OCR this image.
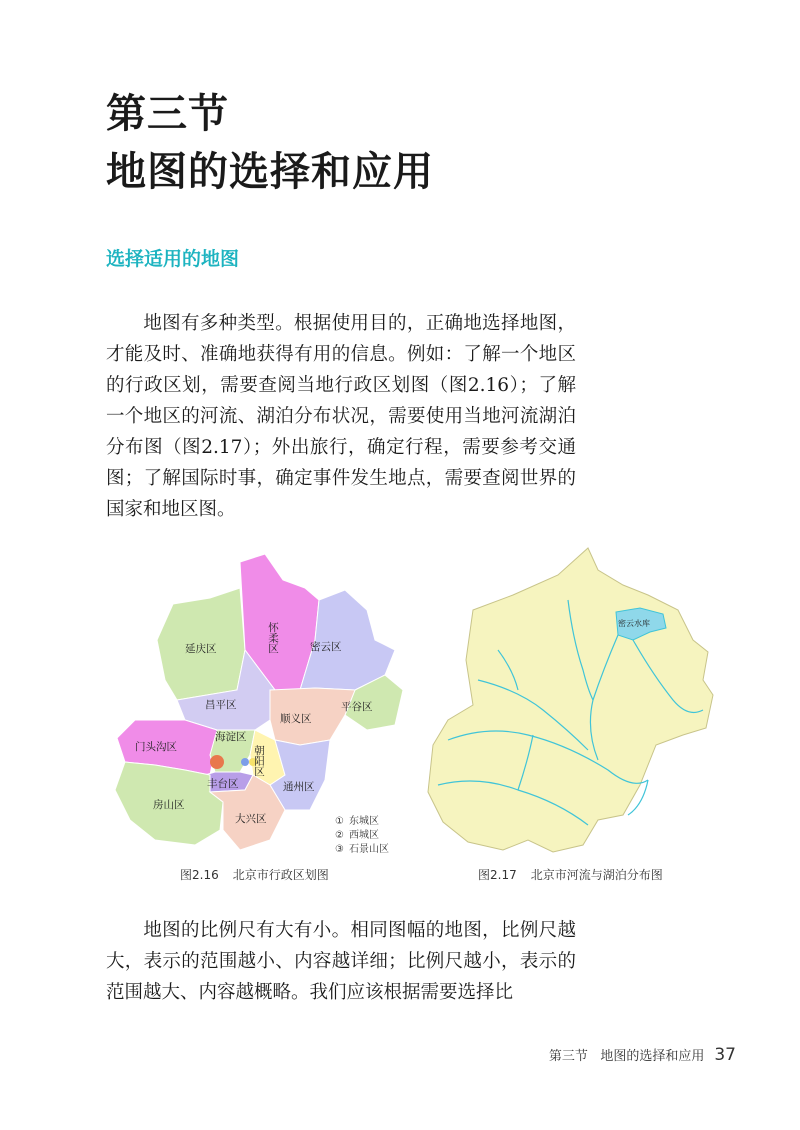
第三节
地图的选择和应用
选择适用的地图

地图有多种类型。根据使用目的，正确地选择地图，才能及时、准确地获得有用的信息。例如：了解一个地区的行政区划，需要查阅当地行政区划图（图2.16）；了解一个地区的河流、湖泊分布状况，需要使用当地河流湖泊分布图（图2.17）；外出旅行，确定行程，需要参考交通图；了解国际时事，确定事件发生地点，需要查阅世界的国家和地区图。

怀柔区	密云区
延庆区
昌平区
顺义区
平谷区
门头沟区
海淀区
朝阳区
丰台区
房山区
大兴区
通州区
① 东城区
② 西城区
③ 石景山区
密云水库
图2.16 北京市行政区划图	图2.17 北京市河流与湖泊分布图

地图的比例尺有大有小。相同图幅的地图，比例尺越大，表示的范围越小、内容越详细；比例尺越小，表示的范围越大、内容越概略。我们应该根据需要选择比

第三节 地图的选择和应用 37
